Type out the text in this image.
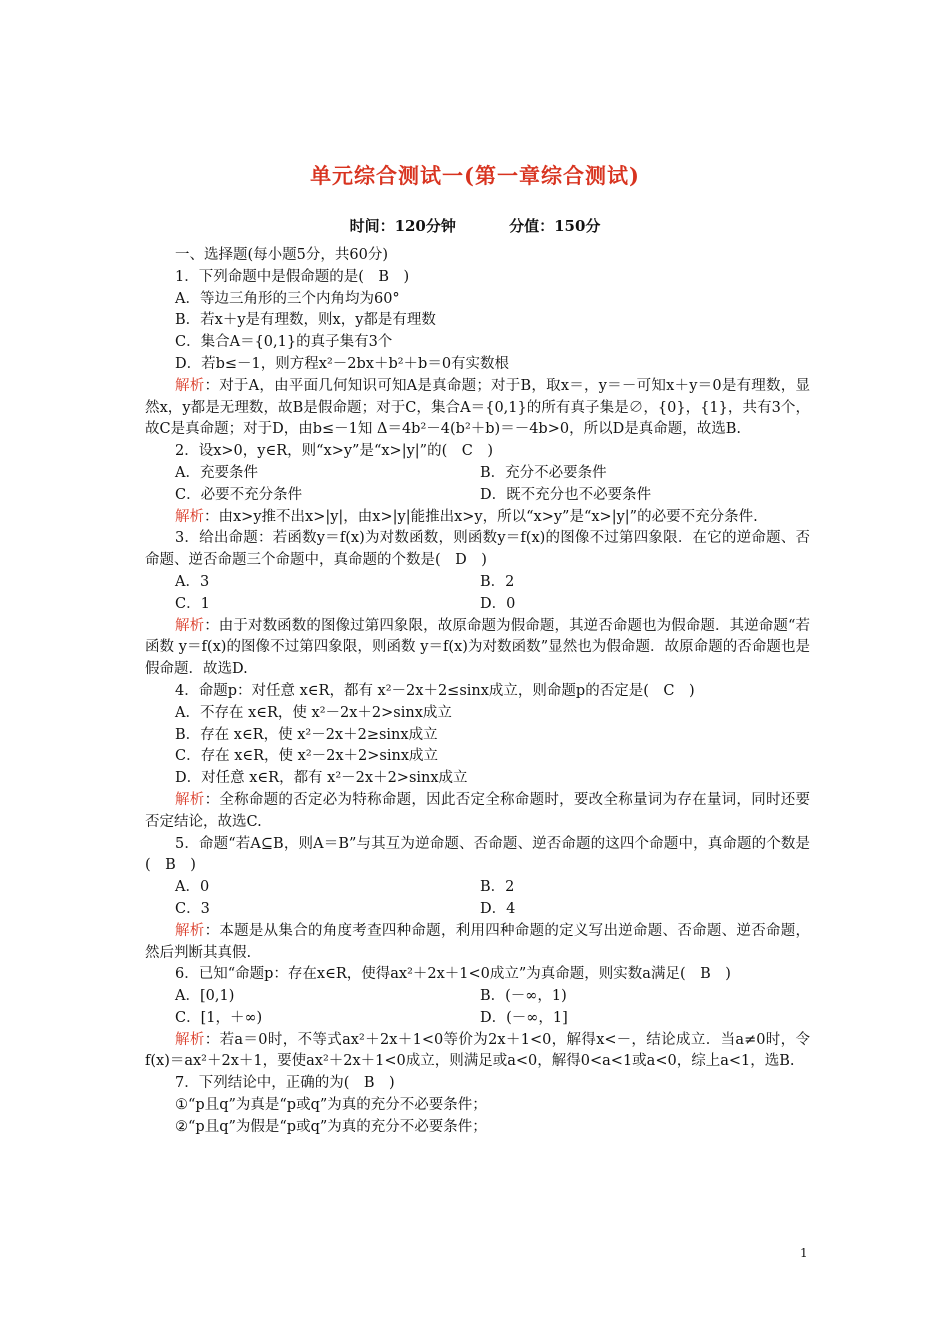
单元综合测试一(第一章综合测试)
时间：120分钟	分值：150分

一、选择题(每小题5分，共60分)

1．下列命题中是假命题的是(　B　)

A．等边三角形的三个内角均为60°

B．若x＋y是有理数，则x，y都是有理数

C．集合A＝{0,1}的真子集有3个

D．若b≤－1，则方程x²－2bx＋b²＋b＝0有实数根

解析：对于A，由平面几何知识可知A是真命题；对于B，取x＝，y＝－可知x＋y＝0是有理数，显然x，y都是无理数，故B是假命题；对于C，集合A＝{0,1}的所有真子集是∅，{0}，{1}，共有3个，故C是真命题；对于D，由b≤－1知 Δ＝4b²－4(b²＋b)＝－4b>0，所以D是真命题，故选B.

2．设x>0，y∈R，则“x>y”是“x>|y|”的(　C　)

A．充要条件	B．充分不必要条件
C．必要不充分条件	D．既不充分也不必要条件

解析：由x>y推不出x>|y|，由x>|y|能推出x>y，所以“x>y”是“x>|y|”的必要不充分条件.

3．给出命题：若函数y＝f(x)为对数函数，则函数y＝f(x)的图像不过第四象限．在它的逆命题、否命题、逆否命题三个命题中，真命题的个数是(　D　)

A．3	B．2
C．1	D．0

解析：由于对数函数的图像过第四象限，故原命题为假命题，其逆否命题也为假命题．其逆命题“若函数 y＝f(x)的图像不过第四象限，则函数 y＝f(x)为对数函数”显然也为假命题．故原命题的否命题也是假命题．故选D.

4．命题p：对任意 x∈R，都有 x²－2x＋2≤sinx成立，则命题p的否定是(　C　)

A．不存在 x∈R，使 x²－2x＋2>sinx成立

B．存在 x∈R，使 x²－2x＋2≥sinx成立

C．存在 x∈R，使 x²－2x＋2>sinx成立

D．对任意 x∈R，都有 x²－2x＋2>sinx成立

解析：全称命题的否定必为特称命题，因此否定全称命题时，要改全称量词为存在量词，同时还要否定结论，故选C.

5．命题“若A⊆B，则A＝B”与其互为逆命题、否命题、逆否命题的这四个命题中，真命题的个数是(　B　)

A．0	B．2
C．3	D．4

解析：本题是从集合的角度考查四种命题，利用四种命题的定义写出逆命题、否命题、逆否命题，然后判断其真假.

6．已知“命题p：存在x∈R，使得ax²＋2x＋1<0成立”为真命题，则实数a满足(　B　)

A．[0,1)	B．(－∞，1)
C．[1，＋∞)	D．(－∞，1]

解析：若a＝0时，不等式ax²＋2x＋1<0等价为2x＋1<0，解得x<－，结论成立．当a≠0时，令f(x)＝ax²＋2x＋1，要使ax²＋2x＋1<0成立，则满足或a<0，解得0<a<1或a<0，综上a<1，选B.

7．下列结论中，正确的为(　B　)

①“p且q”为真是“p或q”为真的充分不必要条件；

②“p且q”为假是“p或q”为真的充分不必要条件；

1
